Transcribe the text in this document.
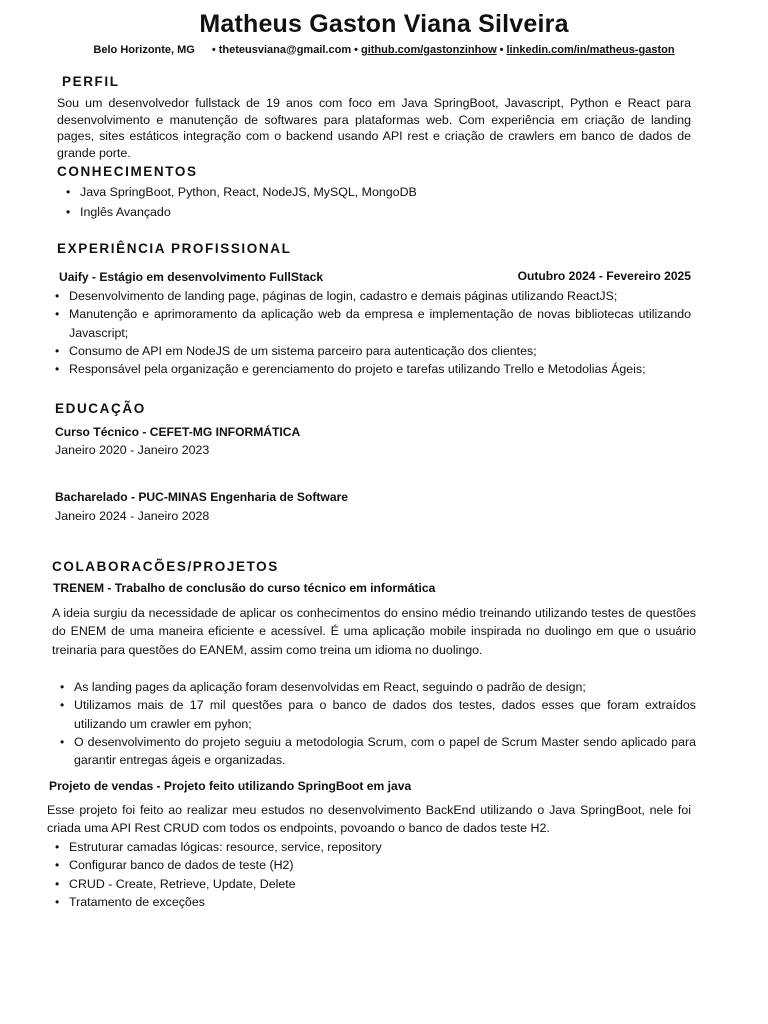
Matheus Gaston Viana Silveira
Belo Horizonte, MG • theteusviana@gmail.com • github.com/gastonzinhow • linkedin.com/in/matheus-gaston
PERFIL
Sou um desenvolvedor fullstack de 19 anos com foco em Java SpringBoot, Javascript, Python e React para desenvolvimento e manutenção de softwares para plataformas web. Com experiência em criação de landing pages, sites estáticos integração com o backend usando API rest e criação de crawlers em banco de dados de grande porte.
CONHECIMENTOS
• Java SpringBoot, Python, React, NodeJS, MySQL, MongoDB
• Inglês Avançado
EXPERIÊNCIA PROFISSIONAL
Uaify - Estágio em desenvolvimento FullStack	Outubro 2024 - Fevereiro 2025
• Desenvolvimento de landing page, páginas de login, cadastro e demais páginas utilizando ReactJS;
• Manutenção e aprimoramento da aplicação web da empresa e implementação de novas bibliotecas utilizando Javascript;
• Consumo de API em NodeJS de um sistema parceiro para autenticação dos clientes;
• Responsável pela organização e gerenciamento do projeto e tarefas utilizando Trello e Metodolias Ágeis;
EDUCAÇÃO
Curso Técnico - CEFET-MG INFORMÁTICA
Janeiro 2020 - Janeiro 2023
Bacharelado - PUC-MINAS Engenharia de Software
Janeiro 2024 - Janeiro 2028
COLABORACÕES/PROJETOS
TRENEM - Trabalho de conclusão do curso técnico em informática
A ideia surgiu da necessidade de aplicar os conhecimentos do ensino médio treinando utilizando testes de questões do ENEM de uma maneira eficiente e acessível. É uma aplicação mobile inspirada no duolingo em que o usuário treinaria para questões do EANEM, assim como treina um idioma no duolingo.
• As landing pages da aplicação foram desenvolvidas em React, seguindo o padrão de design;
• Utilizamos mais de 17 mil questões para o banco de dados dos testes, dados esses que foram extraídos utilizando um crawler em pyhon;
• O desenvolvimento do projeto seguiu a metodologia Scrum, com o papel de Scrum Master sendo aplicado para garantir entregas ágeis e organizadas.
Projeto de vendas - Projeto feito utilizando SpringBoot em java
Esse projeto foi feito ao realizar meu estudos no desenvolvimento BackEnd utilizando o Java SpringBoot, nele foi criada uma API Rest CRUD com todos os endpoints, povoando o banco de dados teste H2.
• Estruturar camadas lógicas: resource, service, repository
• Configurar banco de dados de teste (H2)
• CRUD - Create, Retrieve, Update, Delete
• Tratamento de exceções
